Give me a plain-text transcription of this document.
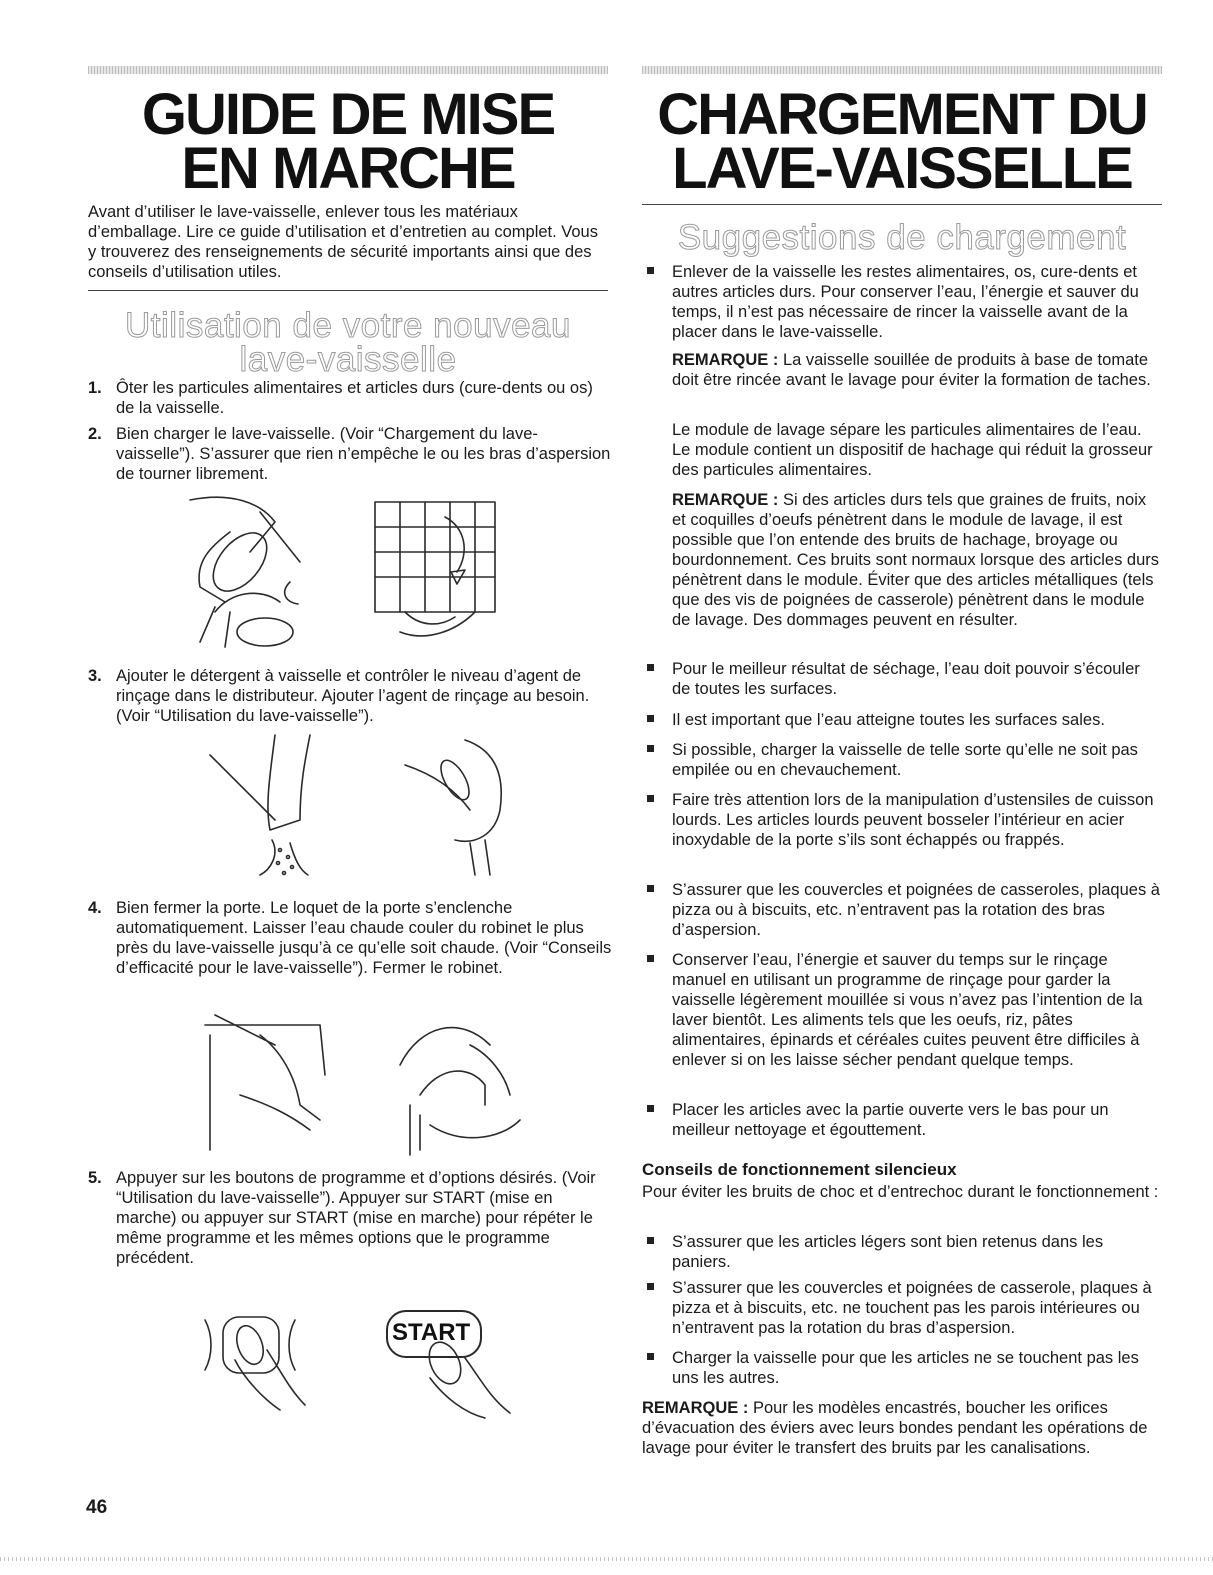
GUIDE DE MISE
EN MARCHE

Avant d’utiliser le lave-vaisselle, enlever tous les matériaux d’emballage. Lire ce guide d’utilisation et d’entretien au complet. Vous y trouverez des renseignements de sécurité importants ainsi que des conseils d’utilisation utiles.

Utilisation de votre nouveau
lave-vaisselle
1. Ôter les particules alimentaires et articles durs (cure-dents ou os) de la vaisselle.

2. Bien charger le lave-vaisselle. (Voir “Chargement du lave-vaisselle”). S’assurer que rien n’empêche le ou les bras d’aspersion de tourner librement.

3. Ajouter le détergent à vaisselle et contrôler le niveau d’agent de rinçage dans le distributeur. Ajouter l’agent de rinçage au besoin. (Voir “Utilisation du lave-vaisselle”).

4. Bien fermer la porte. Le loquet de la porte s’enclenche automatiquement. Laisser l’eau chaude couler du robinet le plus près du lave-vaisselle jusqu’à ce qu’elle soit chaude. (Voir “Conseils d’efficacité pour le lave-vaisselle”). Fermer le robinet.

5. Appuyer sur les boutons de programme et d’options désirés. (Voir “Utilisation du lave-vaisselle”). Appuyer sur START (mise en marche) ou appuyer sur START (mise en marche) pour répéter le même programme et les mêmes options que le programme précédent.

START
CHARGEMENT DU
LAVE-VAISSELLE
Suggestions de chargement

Enlever de la vaisselle les restes alimentaires, os, cure-dents et autres articles durs. Pour conserver l’eau, l’énergie et sauver du temps, il n’est pas nécessaire de rincer la vaisselle avant de la placer dans le lave-vaisselle.

REMARQUE : La vaisselle souillée de produits à base de tomate doit être rincée avant le lavage pour éviter la formation de taches.

Le module de lavage sépare les particules alimentaires de l’eau. Le module contient un dispositif de hachage qui réduit la grosseur des particules alimentaires.

REMARQUE : Si des articles durs tels que graines de fruits, noix et coquilles d’oeufs pénètrent dans le module de lavage, il est possible que l’on entende des bruits de hachage, broyage ou bourdonnement. Ces bruits sont normaux lorsque des articles durs pénètrent dans le module. Éviter que des articles métalliques (tels que des vis de poignées de casserole) pénètrent dans le module de lavage. Des dommages peuvent en résulter.

Pour le meilleur résultat de séchage, l’eau doit pouvoir s’écouler de toutes les surfaces.

Il est important que l’eau atteigne toutes les surfaces sales.

Si possible, charger la vaisselle de telle sorte qu’elle ne soit pas empilée ou en chevauchement.

Faire très attention lors de la manipulation d’ustensiles de cuisson lourds. Les articles lourds peuvent bosseler l’intérieur en acier inoxydable de la porte s’ils sont échappés ou frappés.

S’assurer que les couvercles et poignées de casseroles, plaques à pizza ou à biscuits, etc. n’entravent pas la rotation des bras d’aspersion.

Conserver l’eau, l’énergie et sauver du temps sur le rinçage manuel en utilisant un programme de rinçage pour garder la vaisselle légèrement mouillée si vous n’avez pas l’intention de la laver bientôt. Les aliments tels que les oeufs, riz, pâtes alimentaires, épinards et céréales cuites peuvent être difficiles à enlever si on les laisse sécher pendant quelque temps.

Placer les articles avec la partie ouverte vers le bas pour un meilleur nettoyage et égouttement.

Conseils de fonctionnement silencieux

Pour éviter les bruits de choc et d’entrechoc durant le fonctionnement :

S’assurer que les articles légers sont bien retenus dans les paniers.

S’assurer que les couvercles et poignées de casserole, plaques à pizza et à biscuits, etc. ne touchent pas les parois intérieures ou n’entravent pas la rotation du bras d’aspersion.

Charger la vaisselle pour que les articles ne se touchent pas les uns les autres.

REMARQUE : Pour les modèles encastrés, boucher les orifices d’évacuation des éviers avec leurs bondes pendant les opérations de lavage pour éviter le transfert des bruits par les canalisations.

46
